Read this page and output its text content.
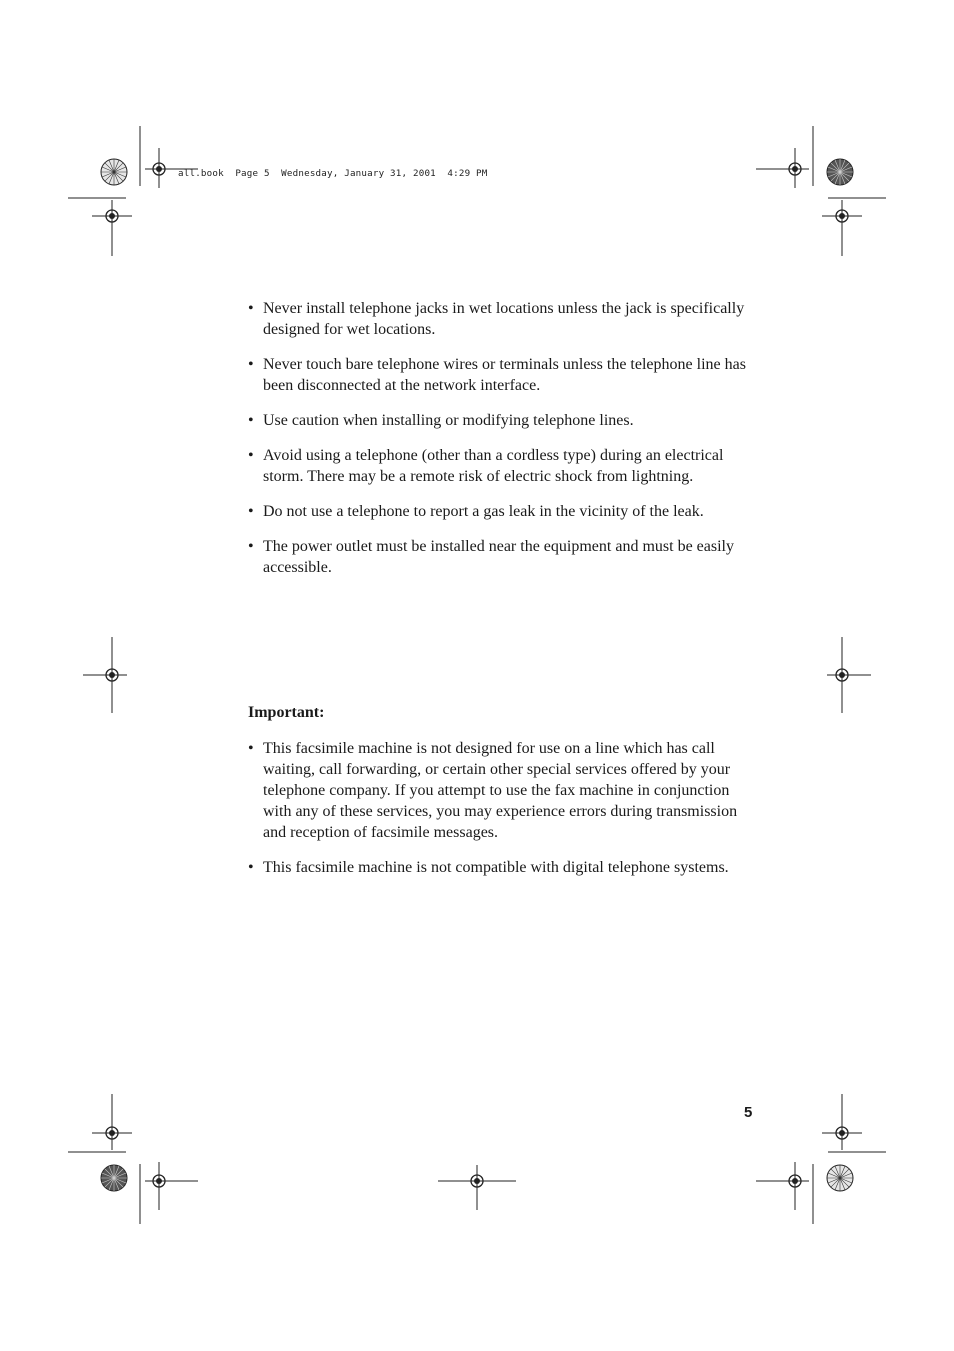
all.book  Page 5  Wednesday, January 31, 2001  4:29 PM
• Never install telephone jacks in wet locations unless the jack is specifically designed for wet locations.
• Never touch bare telephone wires or terminals unless the telephone line has been disconnected at the network interface.
• Use caution when installing or modifying telephone lines.
• Avoid using a telephone (other than a cordless type) during an electrical storm. There may be a remote risk of electric shock from lightning.
• Do not use a telephone to report a gas leak in the vicinity of the leak.
• The power outlet must be installed near the equipment and must be easily accessible.

Important:

• This facsimile machine is not designed for use on a line which has call waiting, call forwarding, or certain other special services offered by your telephone company. If you attempt to use the fax machine in conjunction with any of these services, you may experience errors during transmission and reception of facsimile messages.
• This facsimile machine is not compatible with digital telephone systems.
5
